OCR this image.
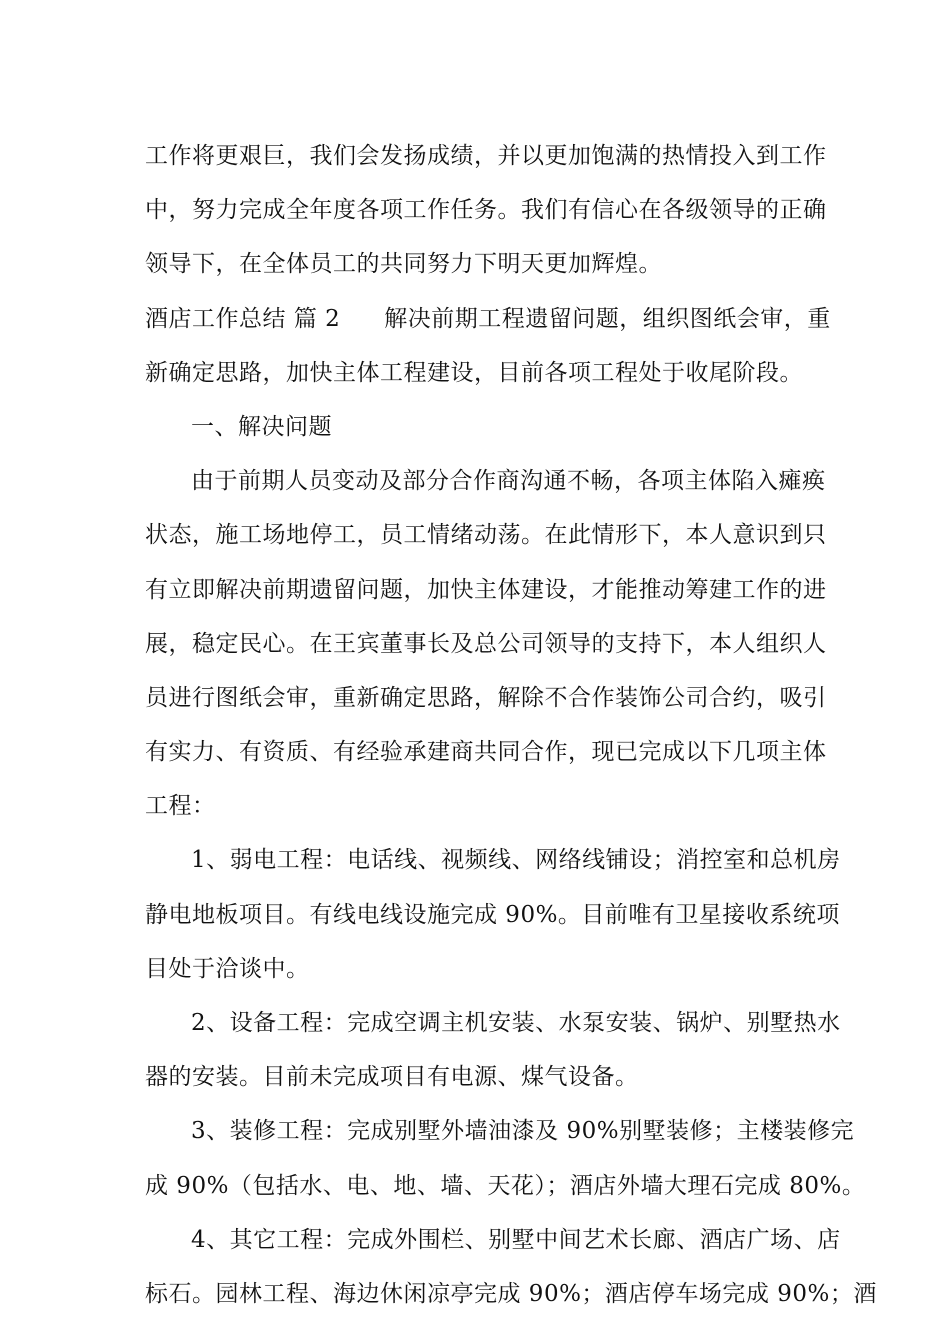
工作将更艰巨，我们会发扬成绩，并以更加饱满的热情投入到工作
中，努力完成全年度各项工作任务。我们有信心在各级领导的正确
领导下，在全体员工的共同努力下明天更加辉煌。
酒店工作总结 篇 2 解决前期工程遗留问题，组织图纸会审，重
新确定思路，加快主体工程建设，目前各项工程处于收尾阶段。
一、解决问题
由于前期人员变动及部分合作商沟通不畅，各项主体陷入瘫痪
状态，施工场地停工，员工情绪动荡。在此情形下，本人意识到只
有立即解决前期遗留问题，加快主体建设，才能推动筹建工作的进
展，稳定民心。在王宾董事长及总公司领导的支持下，本人组织人
员进行图纸会审，重新确定思路，解除不合作装饰公司合约，吸引
有实力、有资质、有经验承建商共同合作，现已完成以下几项主体
工程：
1、弱电工程：电话线、视频线、网络线铺设；消控室和总机房
静电地板项目。有线电线设施完成 90%。目前唯有卫星接收系统项
目处于洽谈中。
2、设备工程：完成空调主机安装、水泵安装、锅炉、别墅热水
器的安装。目前未完成项目有电源、煤气设备。
3、装修工程：完成别墅外墙油漆及 90%别墅装修；主楼装修完
成 90%（包括水、电、地、墙、天花）；酒店外墙大理石完成 80%。
4、其它工程：完成外围栏、别墅中间艺术长廊、酒店广场、店
标石。园林工程、海边休闲凉亭完成 90%；酒店停车场完成 90%；酒
